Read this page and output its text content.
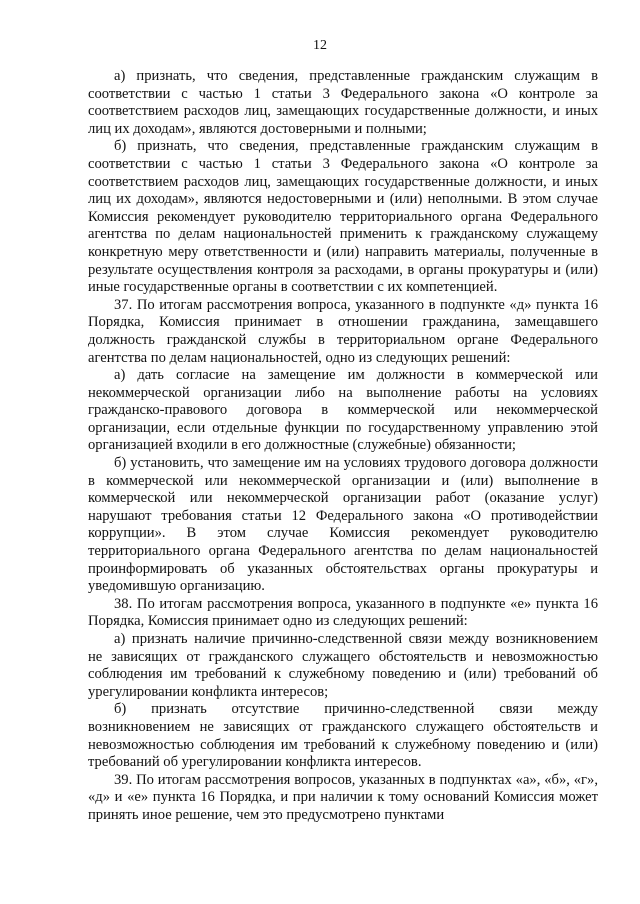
12

а) признать, что сведения, представленные гражданским служащим в соответствии с частью 1 статьи 3 Федерального закона «О контроле за соответствием расходов лиц, замещающих государственные должности, и иных лиц их доходам», являются достоверными и полными;

б) признать, что сведения, представленные гражданским служащим в соответствии с частью 1 статьи 3 Федерального закона «О контроле за соответствием расходов лиц, замещающих государственные должности, и иных лиц их доходам», являются недостоверными и (или) неполными. В этом случае Комиссия рекомендует руководителю территориального органа Федерального агентства по делам национальностей применить к гражданскому служащему конкретную меру ответственности и (или) направить материалы, полученные в результате осуществления контроля за расходами, в органы прокуратуры и (или) иные государственные органы в соответствии с их компетенцией.

37. По итогам рассмотрения вопроса, указанного в подпункте «д» пункта 16 Порядка, Комиссия принимает в отношении гражданина, замещавшего должность гражданской службы в территориальном органе Федерального агентства по делам национальностей, одно из следующих решений:

а) дать согласие на замещение им должности в коммерческой или некоммерческой организации либо на выполнение работы на условиях гражданско-правового договора в коммерческой или некоммерческой организации, если отдельные функции по государственному управлению этой организацией входили в его должностные (служебные) обязанности;

б) установить, что замещение им на условиях трудового договора должности в коммерческой или некоммерческой организации и (или) выполнение в коммерческой или некоммерческой организации работ (оказание услуг) нарушают требования статьи 12 Федерального закона «О противодействии коррупции». В этом случае Комиссия рекомендует руководителю территориального органа Федерального агентства по делам национальностей проинформировать об указанных обстоятельствах органы прокуратуры и уведомившую организацию.

38. По итогам рассмотрения вопроса, указанного в подпункте «е» пункта 16 Порядка, Комиссия принимает одно из следующих решений:

а) признать наличие причинно-следственной связи между возникновением не зависящих от гражданского служащего обстоятельств и невозможностью соблюдения им требований к служебному поведению и (или) требований об урегулировании конфликта интересов;

б) признать отсутствие причинно-следственной связи между возникновением не зависящих от гражданского служащего обстоятельств и невозможностью соблюдения им требований к служебному поведению и (или) требований об урегулировании конфликта интересов.

39. По итогам рассмотрения вопросов, указанных в подпунктах «а», «б», «г», «д» и «е» пункта 16 Порядка, и при наличии к тому оснований Комиссия может принять иное решение, чем это предусмотрено пунктами
